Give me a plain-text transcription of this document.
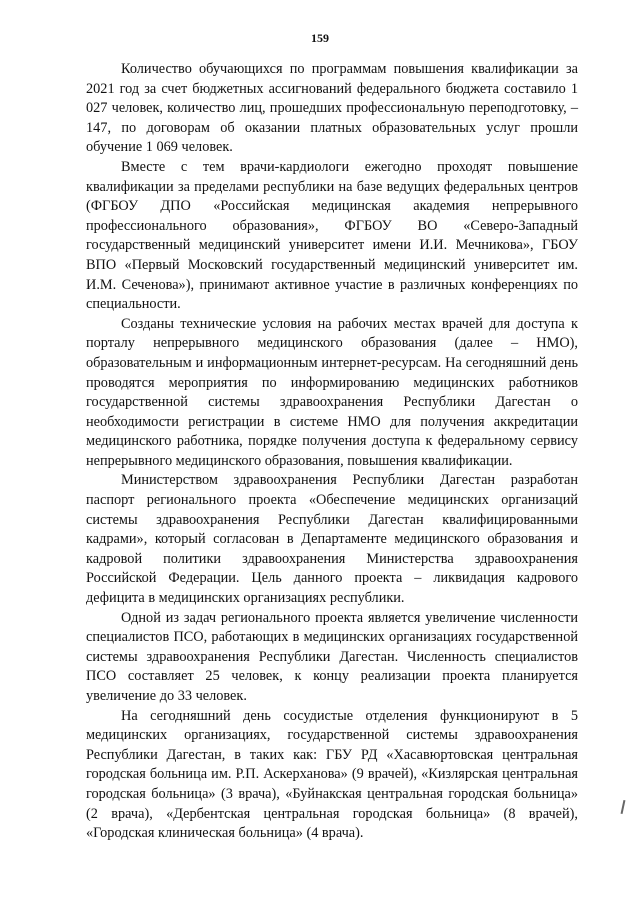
159

Количество обучающихся по программам повышения квалификации за 2021 год за счет бюджетных ассигнований федерального бюджета составило 1 027 человек, количество лиц, прошедших профессиональную переподготовку, – 147, по договорам об оказании платных образовательных услуг прошли обучение 1 069 человек.

Вместе с тем врачи-кардиологи ежегодно проходят повышение квалификации за пределами республики на базе ведущих федеральных центров (ФГБОУ ДПО «Российская медицинская академия непрерывного профессионального образования», ФГБОУ ВО «Северо-Западный государственный медицинский университет имени И.И. Мечникова», ГБОУ ВПО «Первый Московский государственный медицинский университет им. И.М. Сеченова»), принимают активное участие в различных конференциях по специальности.

Созданы технические условия на рабочих местах врачей для доступа к порталу непрерывного медицинского образования (далее – НМО), образовательным и информационным интернет-ресурсам. На сегодняшний день проводятся мероприятия по информированию медицинских работников государственной системы здравоохранения Республики Дагестан о необходимости регистрации в системе НМО для получения аккредитации медицинского работника, порядке получения доступа к федеральному сервису непрерывного медицинского образования, повышения квалификации.

Министерством здравоохранения Республики Дагестан разработан паспорт регионального проекта «Обеспечение медицинских организаций системы здравоохранения Республики Дагестан квалифицированными кадрами», который согласован в Департаменте медицинского образования и кадровой политики здравоохранения Министерства здравоохранения Российской Федерации. Цель данного проекта – ликвидация кадрового дефицита в медицинских организациях республики.

Одной из задач регионального проекта является увеличение численности специалистов ПСО, работающих в медицинских организациях государственной системы здравоохранения Республики Дагестан. Численность специалистов ПСО составляет 25 человек, к концу реализации проекта планируется увеличение до 33 человек.

На сегодняшний день сосудистые отделения функционируют в 5 медицинских организациях, государственной системы здравоохранения Республики Дагестан, в таких как: ГБУ РД «Хасавюртовская центральная городская больница им. Р.П. Аскерханова» (9 врачей), «Кизлярская центральная городская больница» (3 врача), «Буйнакская центральная городская больница» (2 врача), «Дербентская центральная городская больница» (8 врачей), «Городская клиническая больница» (4 врача).
